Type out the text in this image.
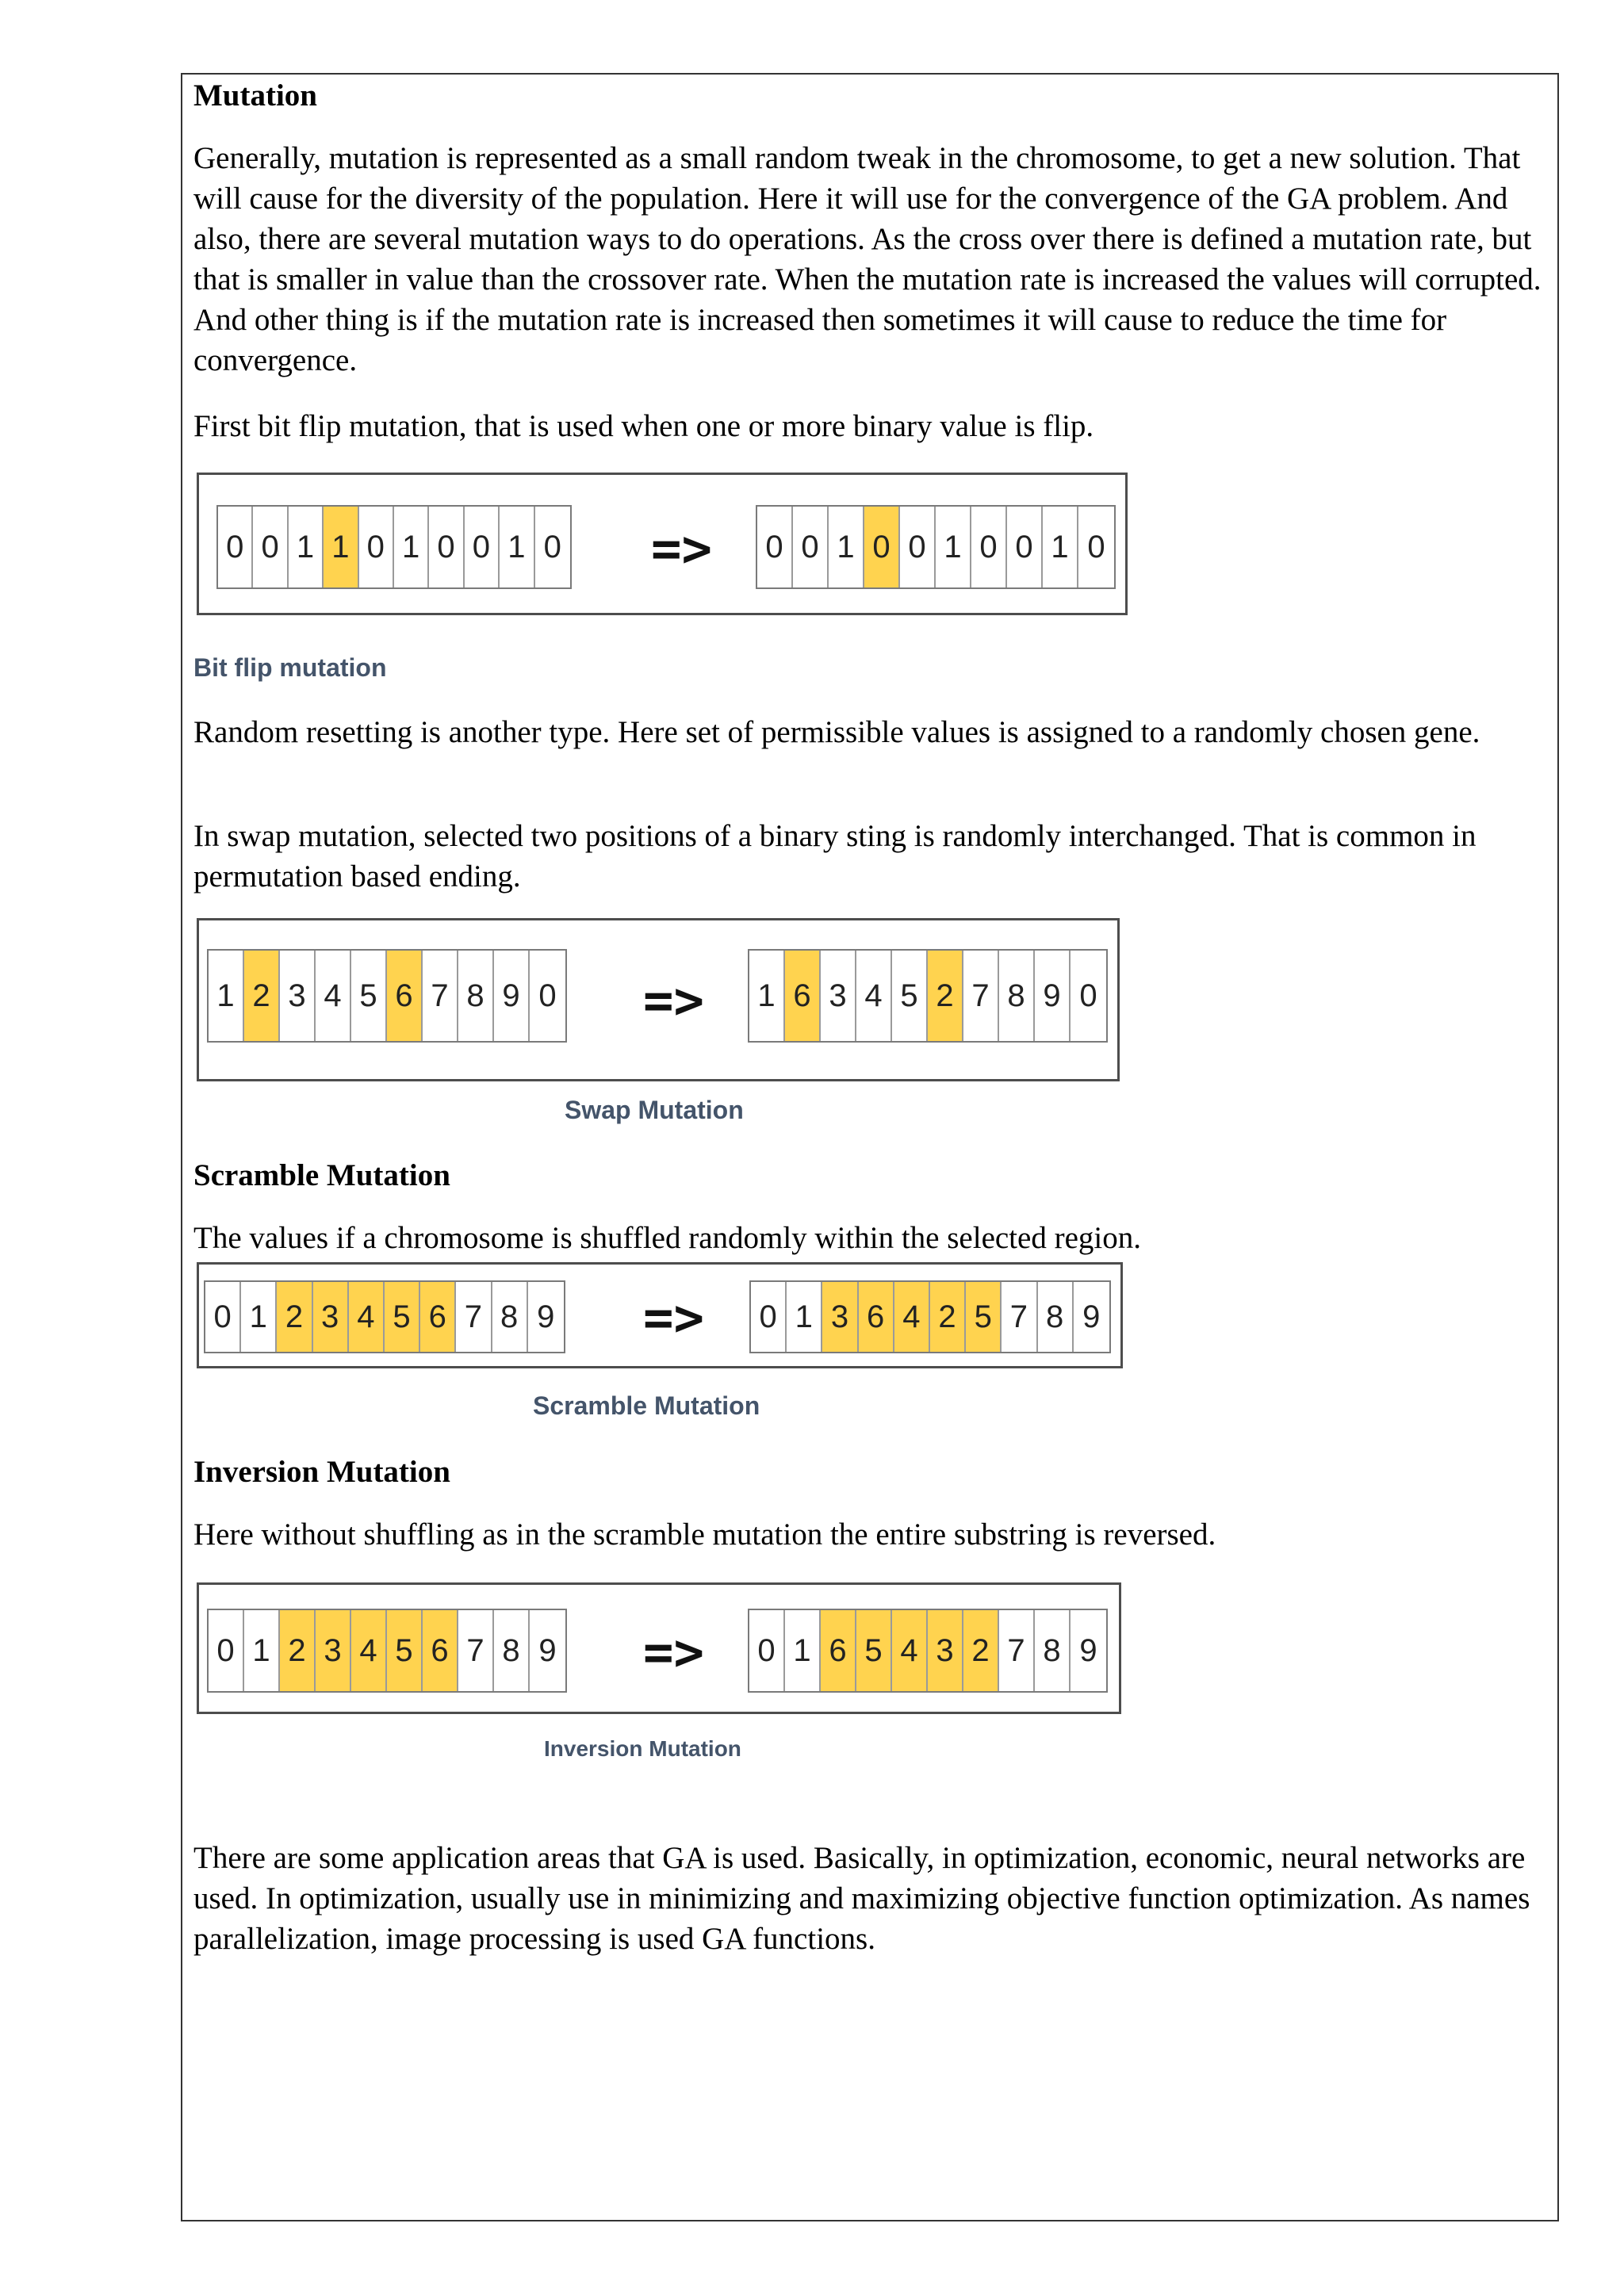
Mutation

Generally, mutation is represented as a small random tweak in the chromosome, to get a new solution. That will cause for the diversity of the population. Here it will use for the convergence of the GA problem. And also, there are several mutation ways to do operations. As the cross over there is defined a mutation rate, but that is smaller in value than the crossover rate. When the mutation rate is increased the values will corrupted. And other thing is if the mutation rate is increased then sometimes it will cause to reduce the time for convergence.

First bit flip mutation, that is used when one or more binary value is flip.

0 0 1 1 0 1 0 0 1 0 => 0 0 1 0 0 1 0 0 1 0
Bit flip mutation

Random resetting is another type. Here set of permissible values is assigned to a randomly chosen gene.

In swap mutation, selected two positions of a binary sting is randomly interchanged. That is common in permutation based ending.

1 2 3 4 5 6 7 8 9 0 => 1 6 3 4 5 2 7 8 9 0
Swap Mutation

Scramble Mutation

The values if a chromosome is shuffled randomly within the selected region.

0 1 2 3 4 5 6 7 8 9 => 0 1 3 6 4 2 5 7 8 9
Scramble Mutation

Inversion Mutation

Here without shuffling as in the scramble mutation the entire substring is reversed.

0 1 2 3 4 5 6 7 8 9 => 0 1 6 5 4 3 2 7 8 9
Inversion Mutation

There are some application areas that GA is used. Basically, in optimization, economic, neural networks are used. In optimization, usually use in minimizing and maximizing objective function optimization. As names parallelization, image processing is used GA functions.
